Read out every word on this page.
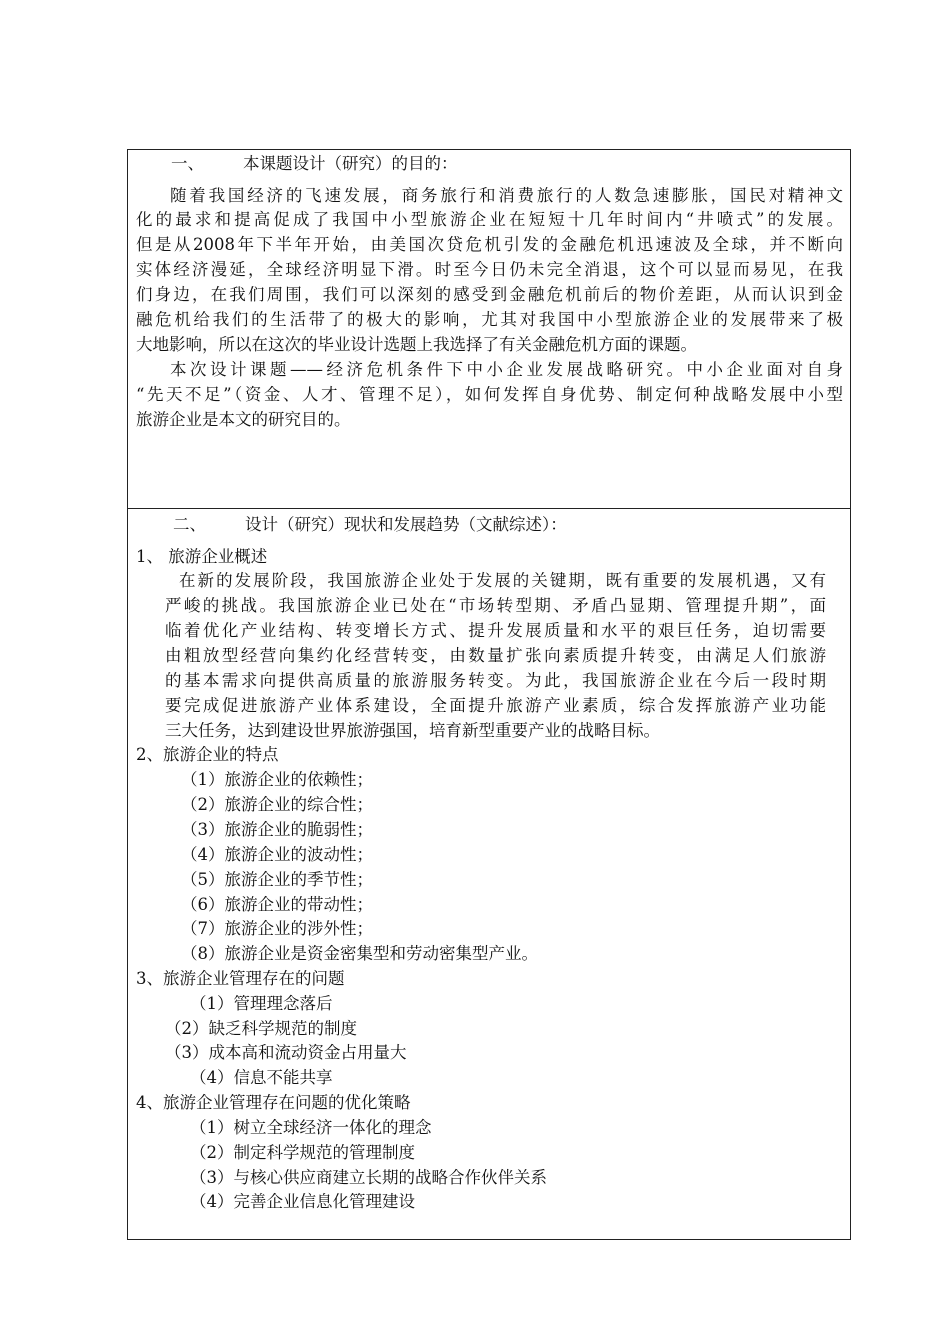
一、 本课题设计（研究）的目的：
随着我国经济的飞速发展，商务旅行和消费旅行的人数急速膨胀，国民对精神文
化的最求和提高促成了我国中小型旅游企业在短短十几年时间内“井喷式”的发展。
但是从2008年下半年开始，由美国次贷危机引发的金融危机迅速波及全球，并不断向
实体经济漫延，全球经济明显下滑。时至今日仍未完全消退，这个可以显而易见，在我
们身边，在我们周围，我们可以深刻的感受到金融危机前后的物价差距，从而认识到金
融危机给我们的生活带了的极大的影响，尤其对我国中小型旅游企业的发展带来了极
大地影响，所以在这次的毕业设计选题上我选择了有关金融危机方面的课题。
本次设计课题——经济危机条件下中小企业发展战略研究。中小企业面对自身
“先天不足”（资金、人才、管理不足），如何发挥自身优势、制定何种战略发展中小型
旅游企业是本文的研究目的。
二、 设计（研究）现状和发展趋势（文献综述）：
1、 旅游企业概述
在新的发展阶段，我国旅游企业处于发展的关键期，既有重要的发展机遇，又有
严峻的挑战。我国旅游企业已处在“市场转型期、矛盾凸显期、管理提升期”，面
临着优化产业结构、转变增长方式、提升发展质量和水平的艰巨任务，迫切需要
由粗放型经营向集约化经营转变，由数量扩张向素质提升转变，由满足人们旅游
的基本需求向提供高质量的旅游服务转变。为此，我国旅游企业在今后一段时期
要完成促进旅游产业体系建设，全面提升旅游产业素质，综合发挥旅游产业功能
三大任务，达到建设世界旅游强国，培育新型重要产业的战略目标。
2、旅游企业的特点
（1）旅游企业的依赖性；
（2）旅游企业的综合性；
（3）旅游企业的脆弱性；
（4）旅游企业的波动性；
（5）旅游企业的季节性；
（6）旅游企业的带动性；
（7）旅游企业的涉外性；
（8）旅游企业是资金密集型和劳动密集型产业。
3、旅游企业管理存在的问题
（1）管理理念落后
（2）缺乏科学规范的制度
（3）成本高和流动资金占用量大
（4）信息不能共享
4、旅游企业管理存在问题的优化策略
（1）树立全球经济一体化的理念
（2）制定科学规范的管理制度
（3）与核心供应商建立长期的战略合作伙伴关系
（4）完善企业信息化管理建设
